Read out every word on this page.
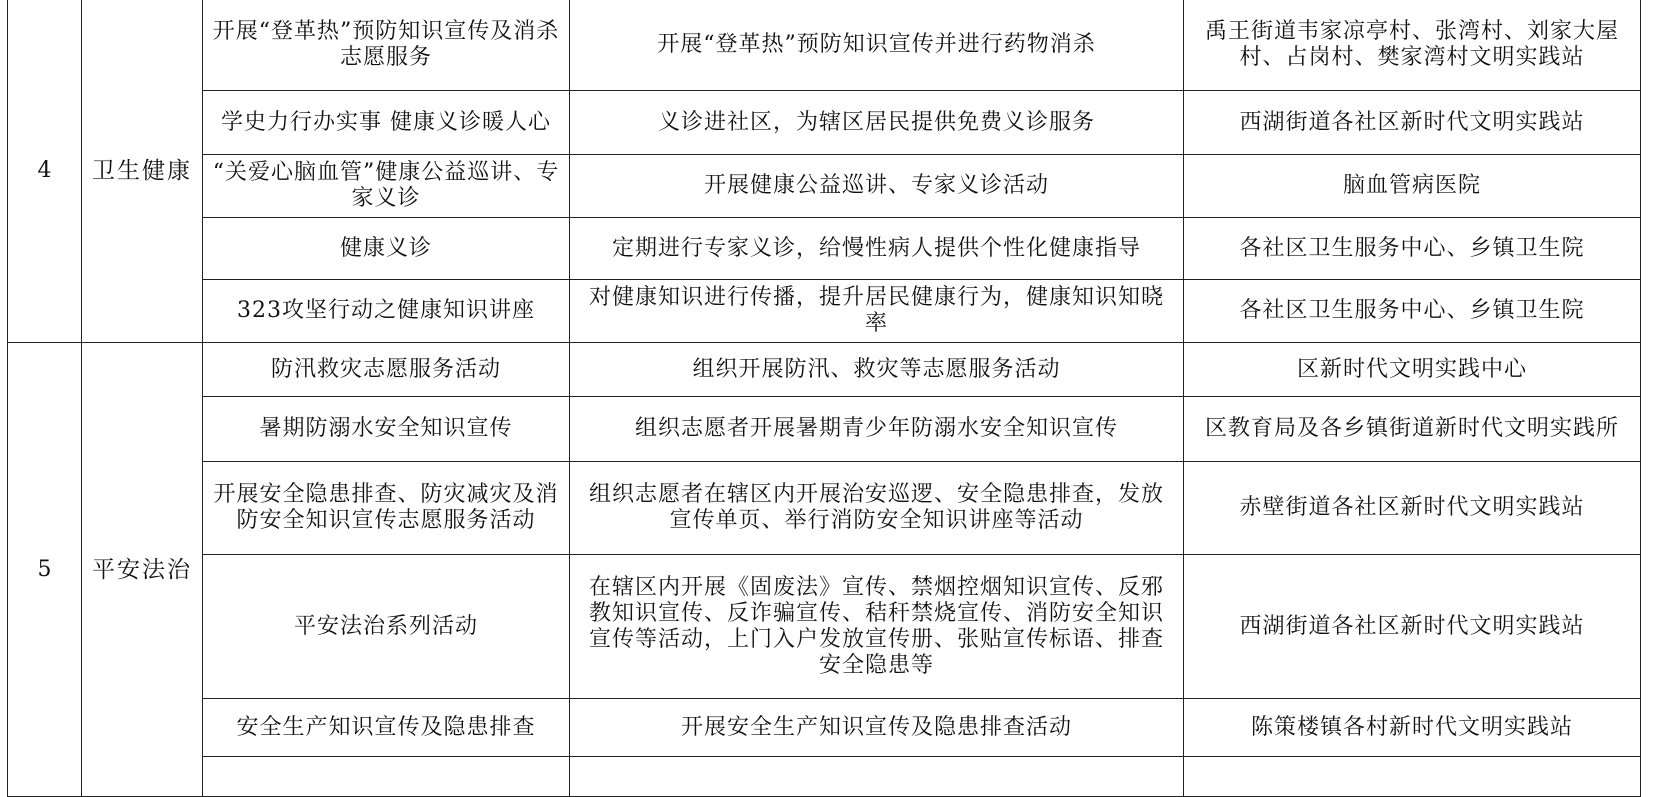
4	卫生健康	开展“登革热”预防知识宣传及消杀志愿服务	开展“登革热”预防知识宣传并进行药物消杀	禹王街道韦家凉亭村、张湾村、刘家大屋村、占岗村、樊家湾村文明实践站
		学史力行办实事 健康义诊暖人心	义诊进社区，为辖区居民提供免费义诊服务	西湖街道各社区新时代文明实践站
		“关爱心脑血管”健康公益巡讲、专家义诊	开展健康公益巡讲、专家义诊活动	脑血管病医院
		健康义诊	定期进行专家义诊，给慢性病人提供个性化健康指导	各社区卫生服务中心、乡镇卫生院
		323攻坚行动之健康知识讲座	对健康知识进行传播，提升居民健康行为，健康知识知晓率	各社区卫生服务中心、乡镇卫生院
5	平安法治	防汛救灾志愿服务活动	组织开展防汛、救灾等志愿服务活动	区新时代文明实践中心
		暑期防溺水安全知识宣传	组织志愿者开展暑期青少年防溺水安全知识宣传	区教育局及各乡镇街道新时代文明实践所
		开展安全隐患排查、防灾减灾及消防安全知识宣传志愿服务活动	组织志愿者在辖区内开展治安巡逻、安全隐患排查，发放宣传单页、举行消防安全知识讲座等活动	赤壁街道各社区新时代文明实践站
		平安法治系列活动	在辖区内开展《固废法》宣传、禁烟控烟知识宣传、反邪教知识宣传、反诈骗宣传、秸秆禁烧宣传、消防安全知识宣传等活动，上门入户发放宣传册、张贴宣传标语、排查安全隐患等	西湖街道各社区新时代文明实践站
		安全生产知识宣传及隐患排查	开展安全生产知识宣传及隐患排查活动	陈策楼镇各村新时代文明实践站
